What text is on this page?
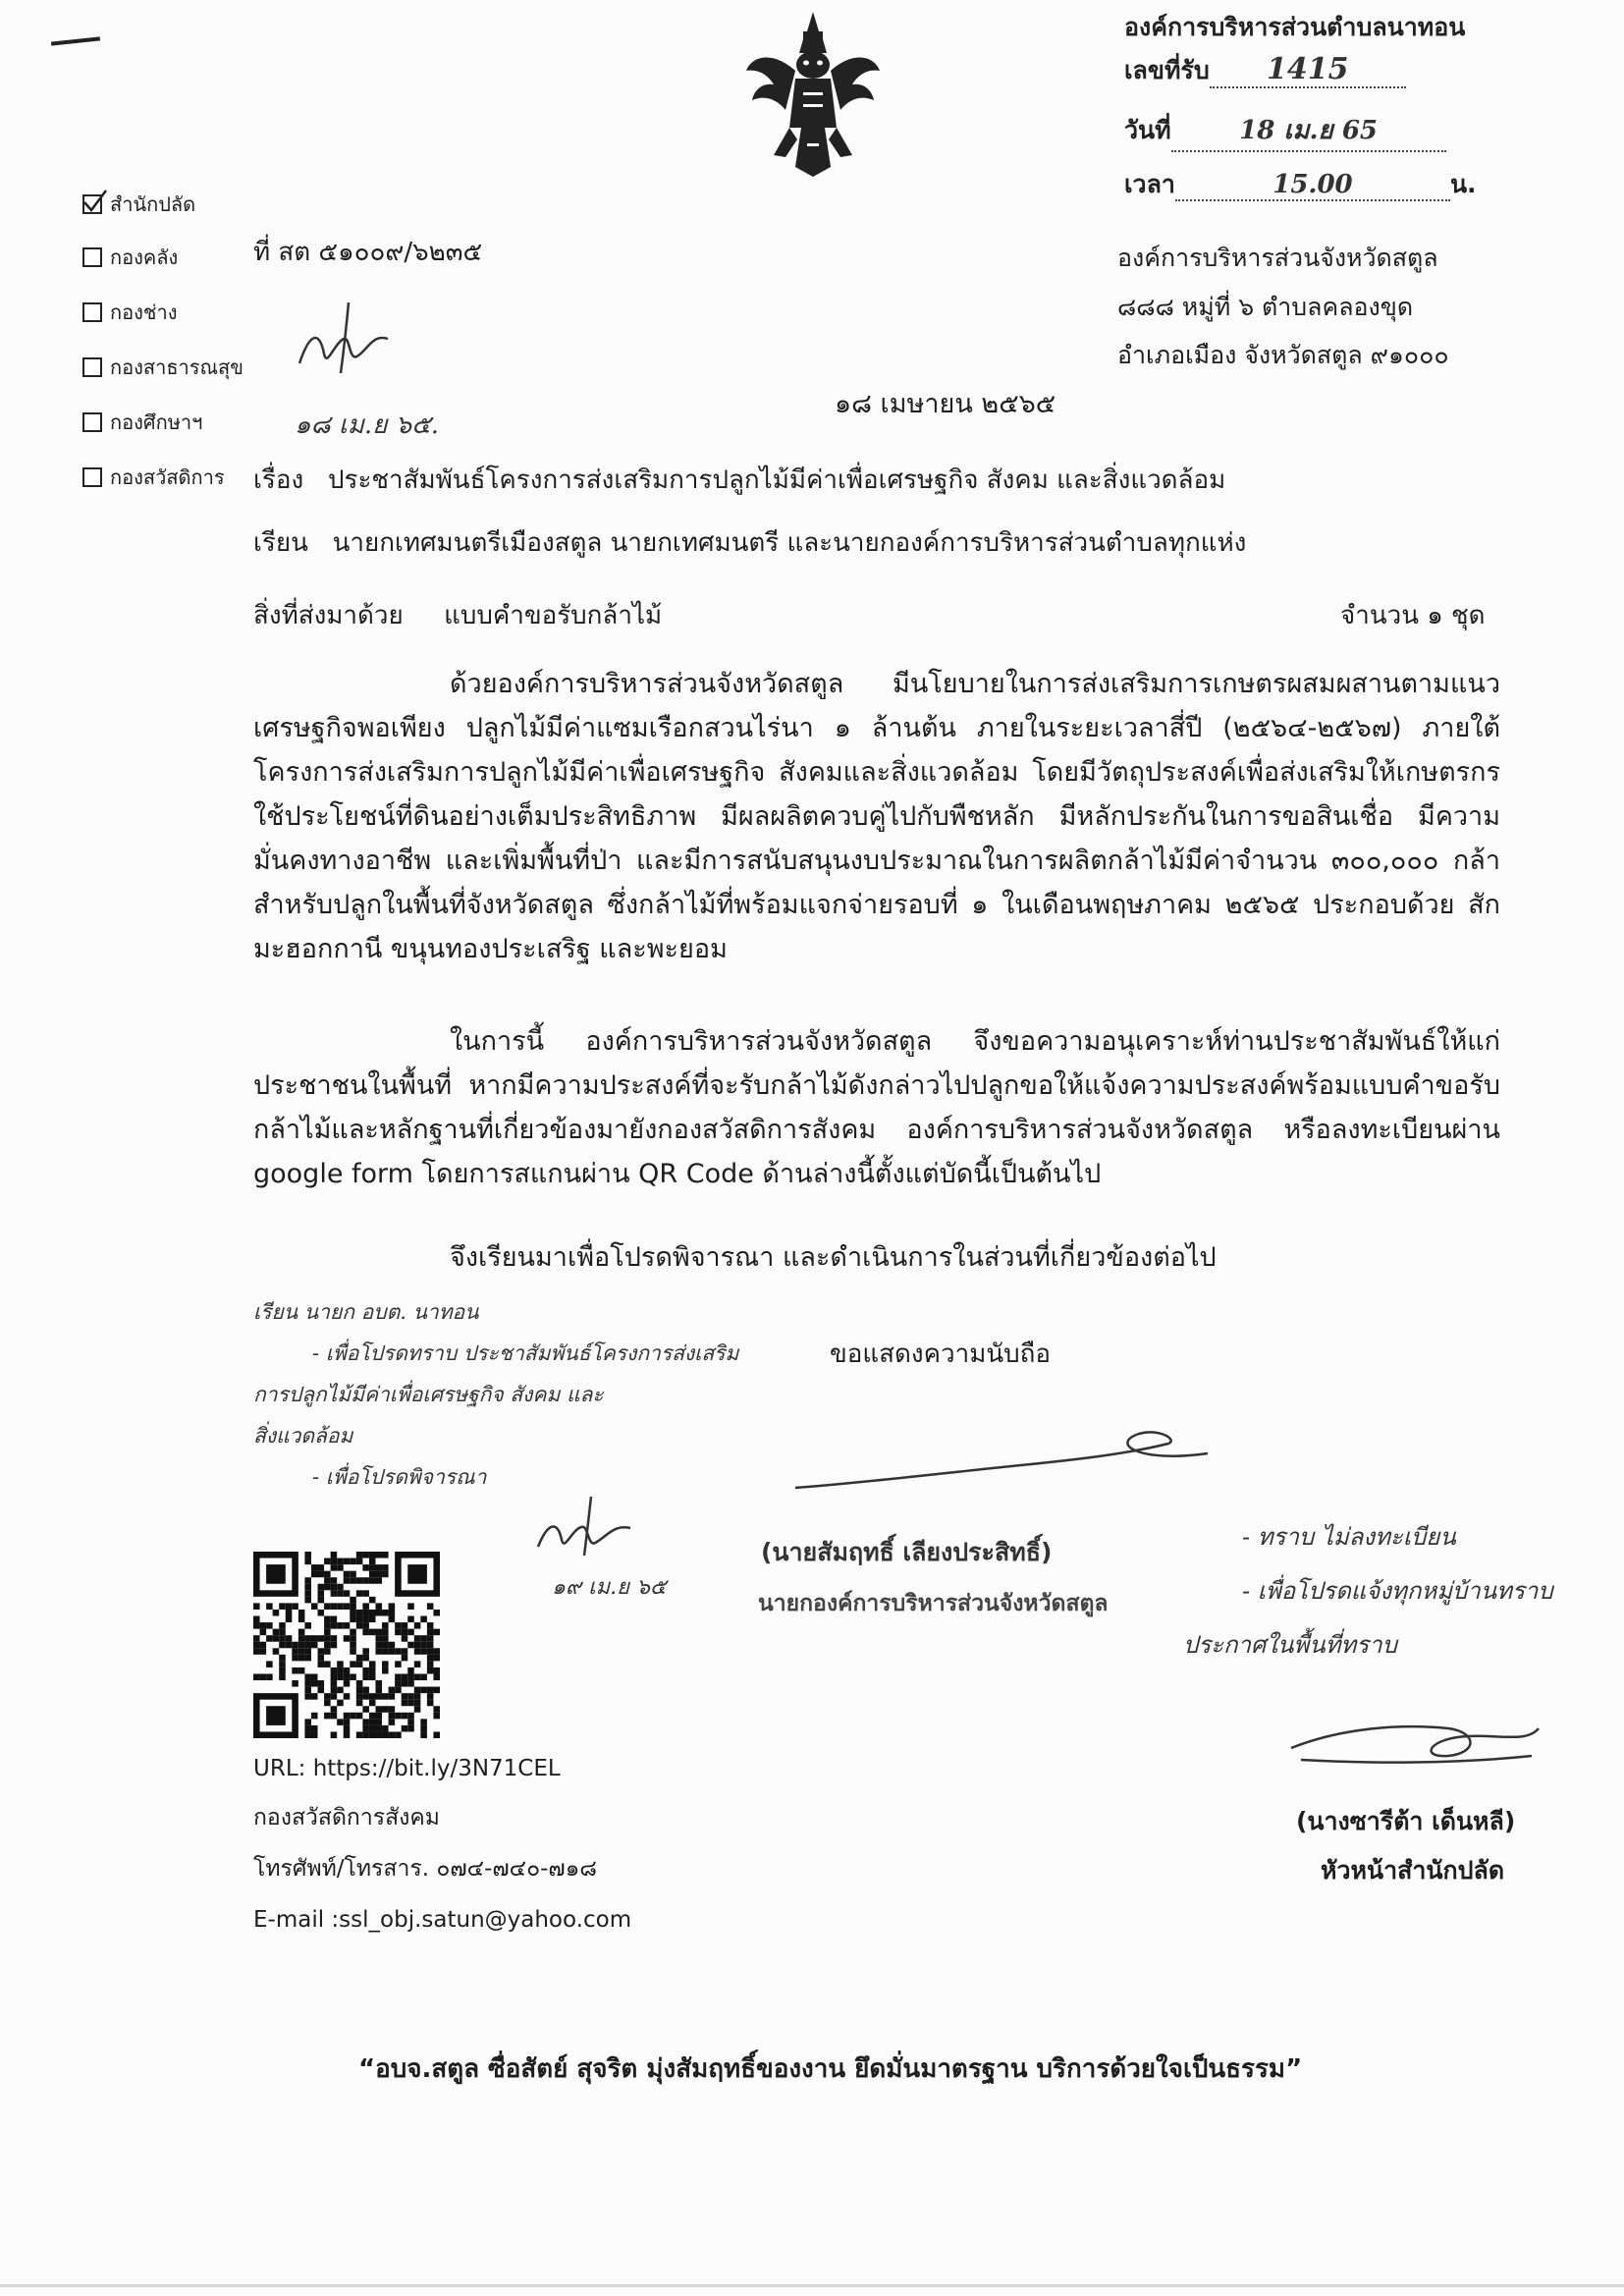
องค์การบริหารส่วนตำบลนาทอน
เลขที่รับ 1415
วันที่	18 เม.ย 65
เวลา	15.00	น.
สำนักปลัด
กองคลัง
กองช่าง
กองสาธารณสุข
กองศึกษาฯ
กองสวัสดิการ
ที่ สต ๕๑๐๐๙/๖๒๓๕
๑๘ เม.ย ๖๕.
องค์การบริหารส่วนจังหวัดสตูล
๘๘๘ หมู่ที่ ๖ ตำบลคลองขุด
อำเภอเมือง จังหวัดสตูล ๙๑๐๐๐
๑๘ เมษายน ๒๕๖๕
เรื่อง ประชาสัมพันธ์โครงการส่งเสริมการปลูกไม้มีค่าเพื่อเศรษฐกิจ สังคม และสิ่งแวดล้อม
เรียน นายกเทศมนตรีเมืองสตูล นายกเทศมนตรี และนายกองค์การบริหารส่วนตำบลทุกแห่ง
สิ่งที่ส่งมาด้วย แบบคำขอรับกล้าไม้	จำนวน ๑ ชุด
ด้วยองค์การบริหารส่วนจังหวัดสตูล มีนโยบายในการส่งเสริมการเกษตรผสมผสานตามแนวเศรษฐกิจพอเพียง ปลูกไม้มีค่าแซมเรือกสวนไร่นา ๑ ล้านต้น ภายในระยะเวลาสี่ปี (๒๕๖๔-๒๕๖๗) ภายใต้โครงการส่งเสริมการปลูกไม้มีค่าเพื่อเศรษฐกิจ สังคมและสิ่งแวดล้อม โดยมีวัตถุประสงค์เพื่อส่งเสริมให้เกษตรกรใช้ประโยชน์ที่ดินอย่างเต็มประสิทธิภาพ มีผลผลิตควบคู่ไปกับพืชหลัก มีหลักประกันในการขอสินเชื่อ มีความมั่นคงทางอาชีพ และเพิ่มพื้นที่ป่า และมีการสนับสนุนงบประมาณในการผลิตกล้าไม้มีค่าจำนวน ๓๐๐,๐๐๐ กล้า สำหรับปลูกในพื้นที่จังหวัดสตูล ซึ่งกล้าไม้ที่พร้อมแจกจ่ายรอบที่ ๑ ในเดือนพฤษภาคม ๒๕๖๕ ประกอบด้วย สัก มะฮอกกานี ขนุนทองประเสริฐ และพะยอม
ในการนี้ องค์การบริหารส่วนจังหวัดสตูล จึงขอความอนุเคราะห์ท่านประชาสัมพันธ์ให้แก่ประชาชนในพื้นที่ หากมีความประสงค์ที่จะรับกล้าไม้ดังกล่าวไปปลูกขอให้แจ้งความประสงค์พร้อมแบบคำขอรับกล้าไม้และหลักฐานที่เกี่ยวข้องมายังกองสวัสดิการสังคม องค์การบริหารส่วนจังหวัดสตูล หรือลงทะเบียนผ่าน google form โดยการสแกนผ่าน QR Code ด้านล่างนี้ตั้งแต่บัดนี้เป็นต้นไป
จึงเรียนมาเพื่อโปรดพิจารณา และดำเนินการในส่วนที่เกี่ยวข้องต่อไป
ขอแสดงความนับถือ
เรียน นายก อบต. นาทอน
- เพื่อโปรดทราบ ประชาสัมพันธ์โครงการส่งเสริม
การปลูกไม้มีค่าเพื่อเศรษฐกิจ สังคม และ
สิ่งแวดล้อม
- เพื่อโปรดพิจารณา
๑๙ เม.ย ๖๕
(นายสัมฤทธิ์ เลียงประสิทธิ์)
นายกองค์การบริหารส่วนจังหวัดสตูล
- ทราบ ไม่ลงทะเบียน
- เพื่อโปรดแจ้งทุกหมู่บ้านทราบ
ประกาศในพื้นที่ทราบ
(นางซารีต้า เด็นหลี)
หัวหน้าสำนักปลัด
URL: https://bit.ly/3N71CEL
กองสวัสดิการสังคม
โทรศัพท์/โทรสาร. ๐๗๔-๗๔๐-๗๑๘
E-mail :ssl_obj.satun@yahoo.com
“อบจ.สตูล ซื่อสัตย์ สุจริต มุ่งสัมฤทธิ์ของงาน ยึดมั่นมาตรฐาน บริการด้วยใจเป็นธรรม”
